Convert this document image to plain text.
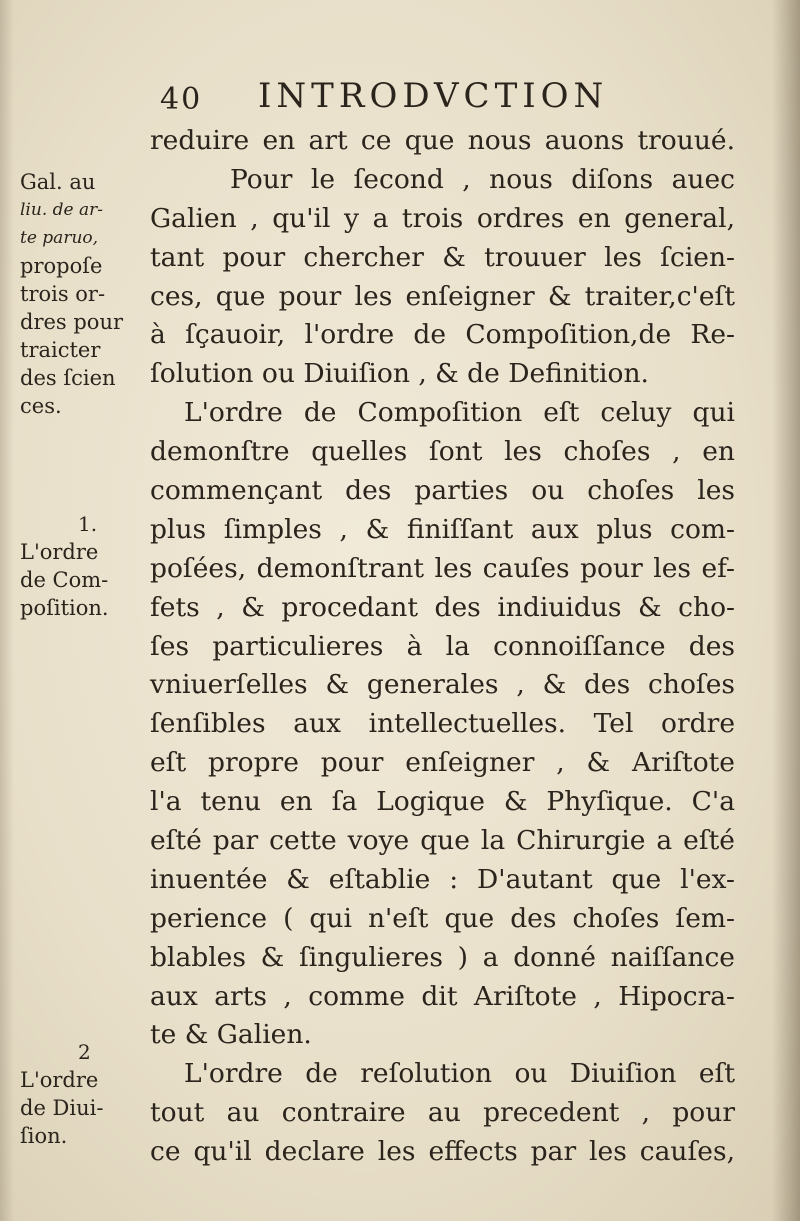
40 INTRODVCTION
reduire en art ce que nous auons trouué.
Pour le ſecond , nous diſons auec
Galien , qu'il y a trois ordres en general,
tant pour chercher & trouuer les ſcien-
ces, que pour les enſeigner & traiter,c'eſt
à ſçauoir, l'ordre de Compoſition,de Re-
ſolution ou Diuiſion , & de Definition.
L'ordre de Compoſition eſt celuy qui
demonſtre quelles ſont les choſes , en
commençant des parties ou choſes les
plus ſimples , & finiſſant aux plus com-
poſées, demonſtrant les cauſes pour les ef-
fets , & procedant des indiuidus & cho-
ſes particulieres à la connoiſſance des
vniuerſelles & generales , & des choſes
ſenſibles aux intellectuelles. Tel ordre
eſt propre pour enſeigner , & Ariſtote
l'a tenu en ſa Logique & Phyſique. C'a
eſté par cette voye que la Chirurgie a eſté
inuentée & eſtablie : D'autant que l'ex-
perience ( qui n'eſt que des choſes ſem-
blables & ſingulieres ) a donné naiſſance
aux arts , comme dit Ariſtote , Hipocra-
te & Galien.
L'ordre de reſolution ou Diuiſion eſt
tout au contraire au precedent , pour
ce qu'il declare les effects par les cauſes,
Gal. au
liu. de ar-
te paruo,
propoſe
trois or-
dres pour
traicter
des ſcien
ces.
1.
L'ordre
de Com-
poſition.
2
L'ordre
de Diui-
ſion.
